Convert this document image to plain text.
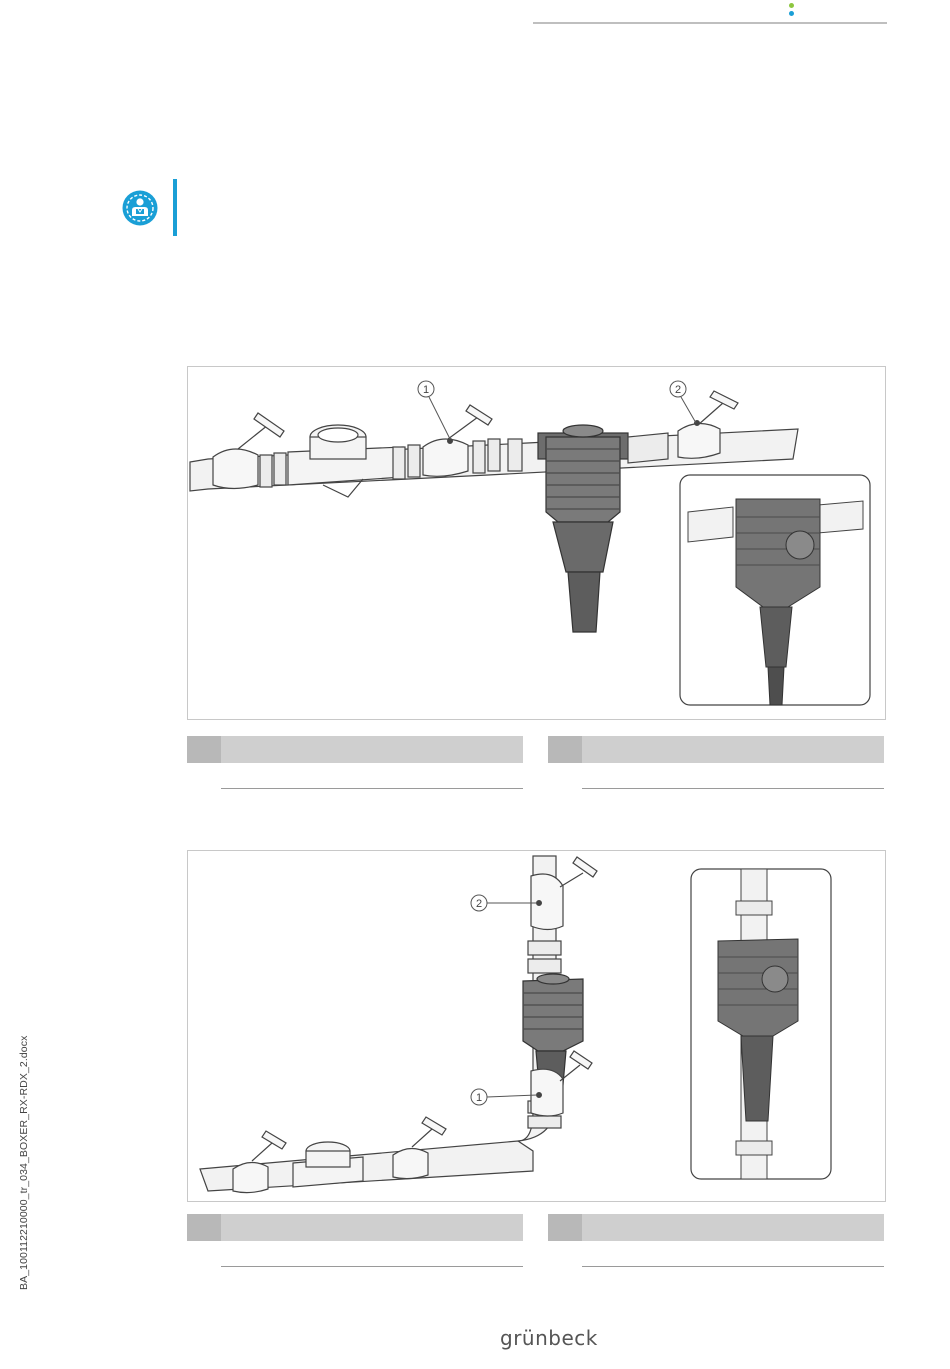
1	2
2
1
BA_100112210000_tr_034_BOXER_RX-RDX_2.docx
grünbeck
